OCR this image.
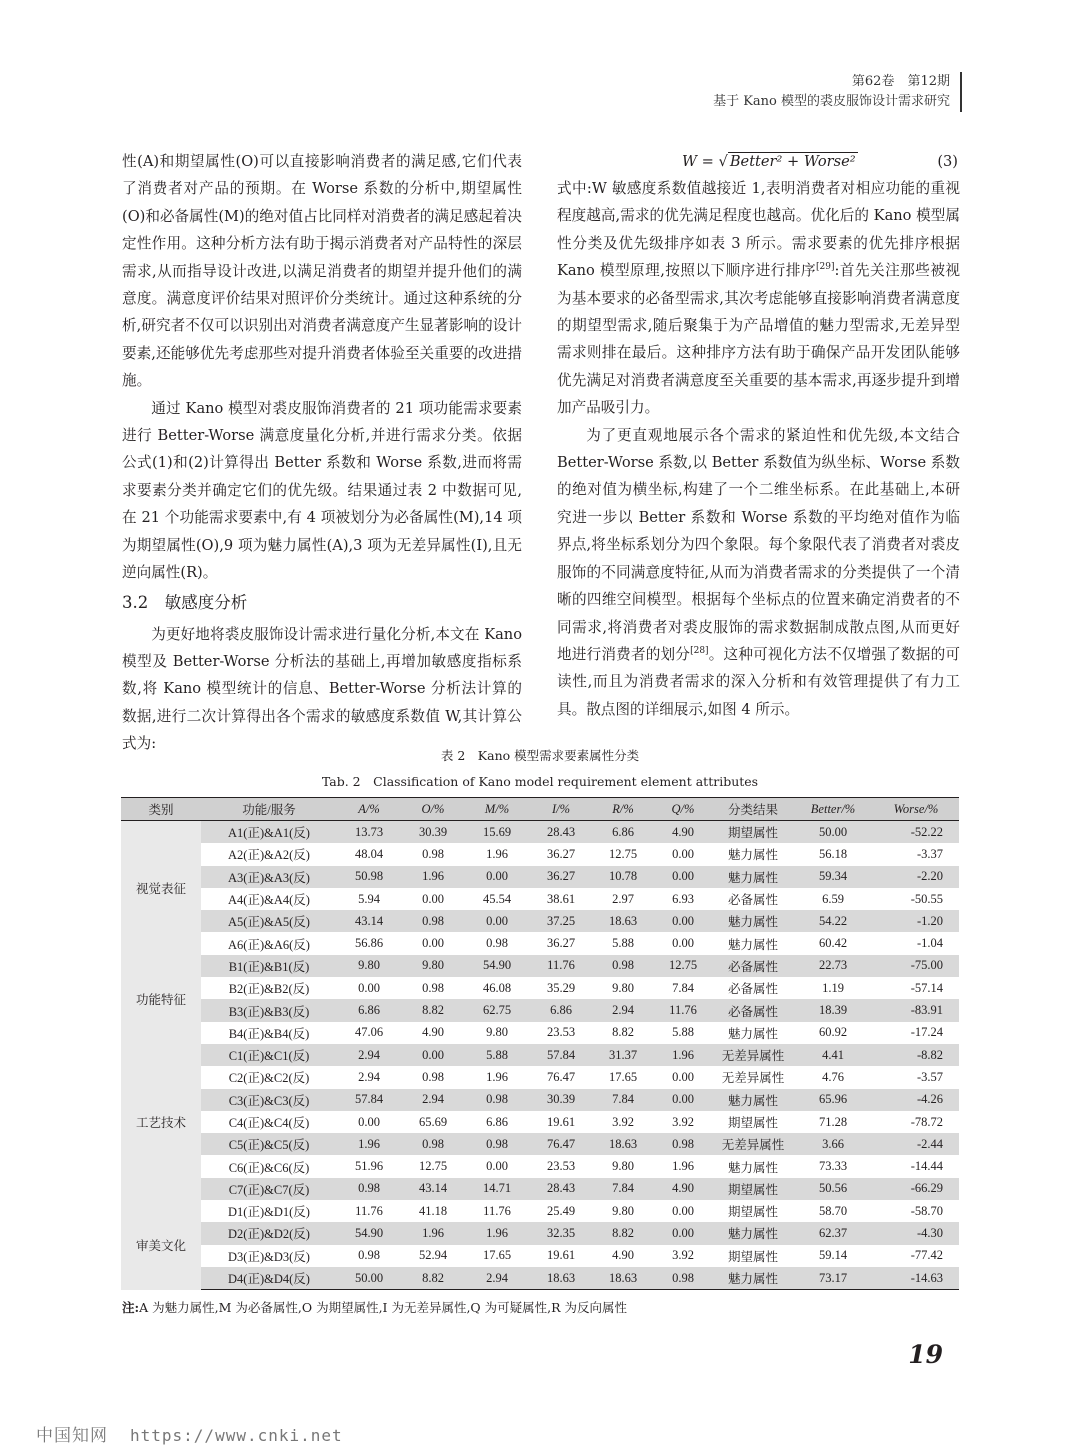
第62卷　第12期
基于 Kano 模型的裘皮服饰设计需求研究

性(A)和期望属性(O)可以直接影响消费者的满足感,它们代表了消费者对产品的预期。在 Worse 系数的分析中,期望属性(O)和必备属性(M)的绝对值占比同样对消费者的满足感起着决定性作用。这种分析方法有助于揭示消费者对产品特性的深层需求,从而指导设计改进,以满足消费者的期望并提升他们的满意度。满意度评价结果对照评价分类统计。通过这种系统的分析,研究者不仅可以识别出对消费者满意度产生显著影响的设计要素,还能够优先考虑那些对提升消费者体验至关重要的改进措施。

通过 Kano 模型对裘皮服饰消费者的 21 项功能需求要素进行 Better-Worse 满意度量化分析,并进行需求分类。依据公式(1)和(2)计算得出 Better 系数和 Worse 系数,进而将需求要素分类并确定它们的优先级。结果通过表 2 中数据可见,在 21 个功能需求要素中,有 4 项被划分为必备属性(M),14 项为期望属性(O),9 项为魅力属性(A),3 项为无差异属性(I),且无逆向属性(R)。

3.2　敏感度分析

为更好地将裘皮服饰设计需求进行量化分析,本文在 Kano 模型及 Better-Worse 分析法的基础上,再增加敏感度指标系数,将 Kano 模型统计的信息、Better-Worse 分析法计算的数据,进行二次计算得出各个需求的敏感度系数值 W,其计算公式为:

W = √ Better² + Worse²	(3)

式中:W 敏感度系数值越接近 1,表明消费者对相应功能的重视程度越高,需求的优先满足程度也越高。优化后的 Kano 模型属性分类及优先级排序如表 3 所示。需求要素的优先排序根据 Kano 模型原理,按照以下顺序进行排序[29]:首先关注那些被视为基本要求的必备型需求,其次考虑能够直接影响消费者满意度的期望型需求,随后聚集于为产品增值的魅力型需求,无差异型需求则排在最后。这种排序方法有助于确保产品开发团队能够优先满足对消费者满意度至关重要的基本需求,再逐步提升到增加产品吸引力。

为了更直观地展示各个需求的紧迫性和优先级,本文结合 Better-Worse 系数,以 Better 系数值为纵坐标、Worse 系数的绝对值为横坐标,构建了一个二维坐标系。在此基础上,本研究进一步以 Better 系数和 Worse 系数的平均绝对值作为临界点,将坐标系划分为四个象限。每个象限代表了消费者对裘皮服饰的不同满意度特征,从而为消费者需求的分类提供了一个清晰的四维空间模型。根据每个坐标点的位置来确定消费者的不同需求,将消费者对裘皮服饰的需求数据制成散点图,从而更好地进行消费者的划分[28]。这种可视化方法不仅增强了数据的可读性,而且为消费者需求的深入分析和有效管理提供了有力工具。散点图的详细展示,如图 4 所示。

表 2　Kano 模型需求要素属性分类
Tab. 2　Classification of Kano model requirement element attributes
类别	功能/服务	A/%	O/%	M/%	I/%	R/%	Q/%	分类结果	Better/%	Worse/%
视觉表征	A1(正)&A1(反)	13.73	30.39	15.69	28.43	6.86	4.90	期望属性	50.00	-52.22
	A2(正)&A2(反)	48.04	0.98	1.96	36.27	12.75	0.00	魅力属性	56.18	-3.37
	A3(正)&A3(反)	50.98	1.96	0.00	36.27	10.78	0.00	魅力属性	59.34	-2.20
	A4(正)&A4(反)	5.94	0.00	45.54	38.61	2.97	6.93	必备属性	6.59	-50.55
	A5(正)&A5(反)	43.14	0.98	0.00	37.25	18.63	0.00	魅力属性	54.22	-1.20
	A6(正)&A6(反)	56.86	0.00	0.98	36.27	5.88	0.00	魅力属性	60.42	-1.04
功能特征	B1(正)&B1(反)	9.80	9.80	54.90	11.76	0.98	12.75	必备属性	22.73	-75.00
	B2(正)&B2(反)	0.00	0.98	46.08	35.29	9.80	7.84	必备属性	1.19	-57.14
	B3(正)&B3(反)	6.86	8.82	62.75	6.86	2.94	11.76	必备属性	18.39	-83.91
	B4(正)&B4(反)	47.06	4.90	9.80	23.53	8.82	5.88	魅力属性	60.92	-17.24
工艺技术	C1(正)&C1(反)	2.94	0.00	5.88	57.84	31.37	1.96	无差异属性	4.41	-8.82
	C2(正)&C2(反)	2.94	0.98	1.96	76.47	17.65	0.00	无差异属性	4.76	-3.57
	C3(正)&C3(反)	57.84	2.94	0.98	30.39	7.84	0.00	魅力属性	65.96	-4.26
	C4(正)&C4(反)	0.00	65.69	6.86	19.61	3.92	3.92	期望属性	71.28	-78.72
	C5(正)&C5(反)	1.96	0.98	0.98	76.47	18.63	0.98	无差异属性	3.66	-2.44
	C6(正)&C6(反)	51.96	12.75	0.00	23.53	9.80	1.96	魅力属性	73.33	-14.44
	C7(正)&C7(反)	0.98	43.14	14.71	28.43	7.84	4.90	期望属性	50.56	-66.29
审美文化	D1(正)&D1(反)	11.76	41.18	11.76	25.49	9.80	0.00	期望属性	58.70	-58.70
	D2(正)&D2(反)	54.90	1.96	1.96	32.35	8.82	0.00	魅力属性	62.37	-4.30
	D3(正)&D3(反)	0.98	52.94	17.65	19.61	4.90	3.92	期望属性	59.14	-77.42
	D4(正)&D4(反)	50.00	8.82	2.94	18.63	18.63	0.98	魅力属性	73.17	-14.63
注:A 为魅力属性,M 为必备属性,O 为期望属性,I 为无差异属性,Q 为可疑属性,R 为反向属性
19
中国知网 https://www.cnki.net
